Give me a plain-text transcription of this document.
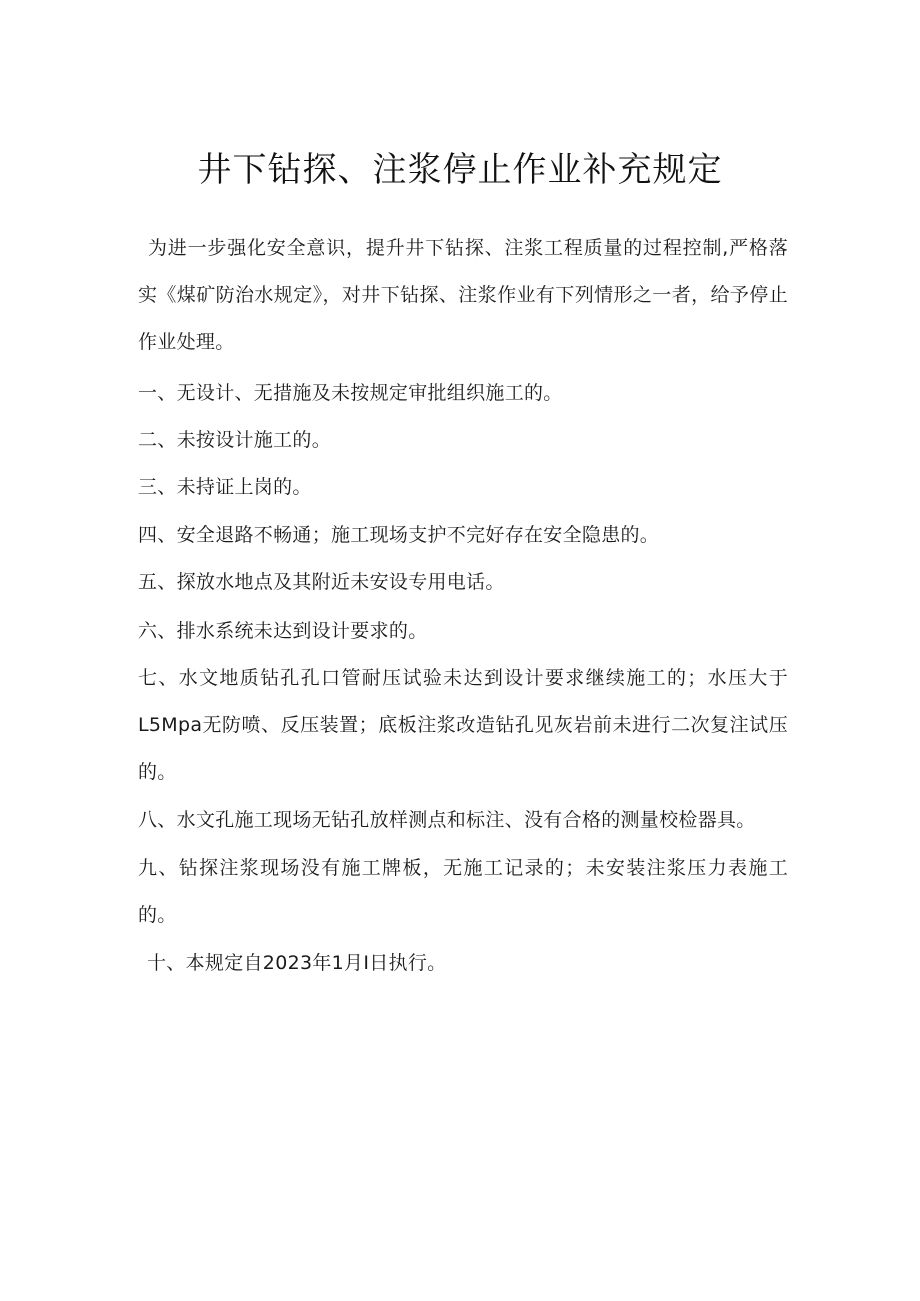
井下钻探、注浆停止作业补充规定

为进一步强化安全意识，提升井下钻探、注浆工程质量的过程控制,严格落实《煤矿防治水规定》，对井下钻探、注浆作业有下列情形之一者，给予停止作业处理。

一、无设计、无措施及未按规定审批组织施工的。

二、未按设计施工的。

三、未持证上岗的。

四、安全退路不畅通；施工现场支护不完好存在安全隐患的。

五、探放水地点及其附近未安设专用电话。

六、排水系统未达到设计要求的。

七、水文地质钻孔孔口管耐压试验未达到设计要求继续施工的；水压大于L5Mpa无防喷、反压装置；底板注浆改造钻孔见灰岩前未进行二次复注试压的。

八、水文孔施工现场无钻孔放样测点和标注、没有合格的测量校检器具。

九、钻探注浆现场没有施工牌板，无施工记录的；未安装注浆压力表施工的。

十、本规定自2023年1月I日执行。
